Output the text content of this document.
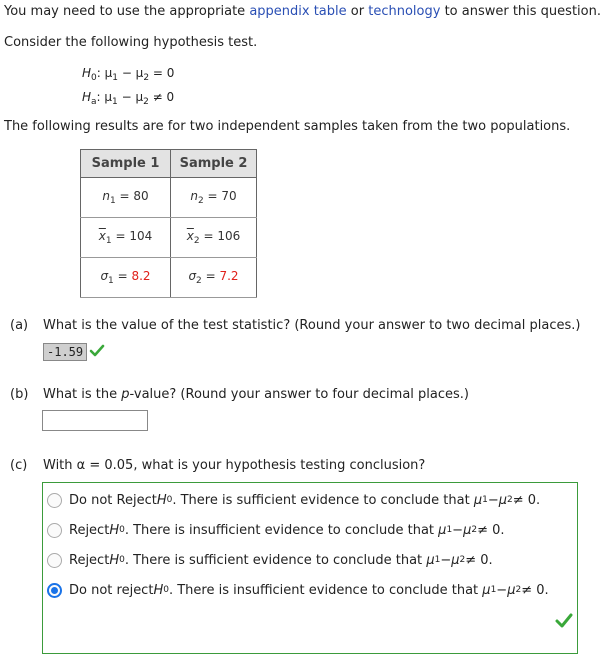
You may need to use the appropriate appendix table or technology to answer this question.
Consider the following hypothesis test.
$H_0$: $\mu_1 - \mu_2 = 0$
$H_a$: $\mu_1 - \mu_2 \ne 0$
The following results are for two independent samples taken from the two populations.
Sample 1	Sample 2
$n_1 = 80$	$n_2 = 70$
$\overline{x}_1 = 104$	$\overline{x}_2 = 106$
$\sigma_1 = 8.2$	$\sigma_2 = 7.2$
(a) What is the value of the test statistic? (Round your answer to two decimal places.)
-1.59
(b) What is the p-value? (Round your answer to four decimal places.)
(c) With α = 0.05, what is your hypothesis testing conclusion?
Do not Reject H 0 . There is sufficient evidence to conclude that
μ 1 − μ 2 ≠ 0.
Reject H 0 . There is insufficient evidence to conclude that
μ 1 − μ 2 ≠ 0.
Reject H 0 . There is sufficient evidence to conclude that
μ 1 − μ 2 ≠ 0.
Do not reject H 0 . There is insufficient evidence to conclude that
μ 1 − μ 2 ≠ 0.
